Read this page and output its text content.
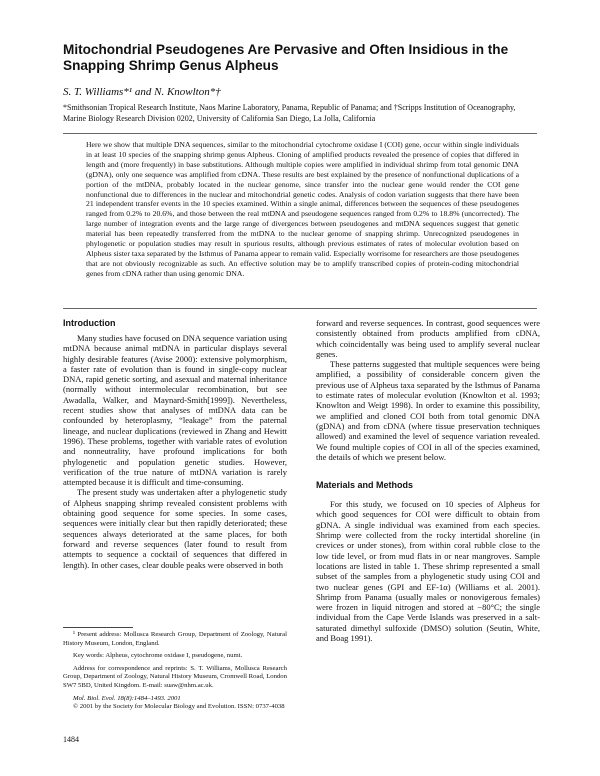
Mitochondrial Pseudogenes Are Pervasive and Often Insidious in the Snapping Shrimp Genus Alpheus

S. T. Williams*¹ and N. Knowlton*†

*Smithsonian Tropical Research Institute, Naos Marine Laboratory, Panama, Republic of Panama; and †Scripps Institution of Oceanography, Marine Biology Research Division 0202, University of California San Diego, La Jolla, California

Here we show that multiple DNA sequences, similar to the mitochondrial cytochrome oxidase I (COI) gene, occur within single individuals in at least 10 species of the snapping shrimp genus Alpheus. Cloning of amplified products revealed the presence of copies that differed in length and (more frequently) in base substitutions. Although multiple copies were amplified in individual shrimp from total genomic DNA (gDNA), only one sequence was amplified from cDNA. These results are best explained by the presence of nonfunctional duplications of a portion of the mtDNA, probably located in the nuclear genome, since transfer into the nuclear gene would render the COI gene nonfunctional due to differences in the nuclear and mitochondrial genetic codes. Analysis of codon variation suggests that there have been 21 independent transfer events in the 10 species examined. Within a single animal, differences between the sequences of these pseudogenes ranged from 0.2% to 20.6%, and those between the real mtDNA and pseudogene sequences ranged from 0.2% to 18.8% (uncorrected). The large number of integration events and the large range of divergences between pseudogenes and mtDNA sequences suggest that genetic material has been repeatedly transferred from the mtDNA to the nuclear genome of snapping shrimp. Unrecognized pseudogenes in phylogenetic or population studies may result in spurious results, although previous estimates of rates of molecular evolution based on Alpheus sister taxa separated by the Isthmus of Panama appear to remain valid. Especially worrisome for researchers are those pseudogenes that are not obviously recognizable as such. An effective solution may be to amplify transcribed copies of protein-coding mitochondrial genes from cDNA rather than using genomic DNA.

Introduction

Many studies have focused on DNA sequence variation using mtDNA because animal mtDNA in particular displays several highly desirable features (Avise 2000): extensive polymorphism, a faster rate of evolution than is found in single-copy nuclear DNA, rapid genetic sorting, and asexual and maternal inheritance (normally without intermolecular recombination, but see Awadalla, Walker, and Maynard-Smith[1999]). Nevertheless, recent studies show that analyses of mtDNA data can be confounded by heteroplasmy, “leakage” from the paternal lineage, and nuclear duplications (reviewed in Zhang and Hewitt 1996). These problems, together with variable rates of evolution and nonneutrality, have profound implications for both phylogenetic and population genetic studies. However, verification of the true nature of mtDNA variation is rarely attempted because it is difficult and time-consuming.

The present study was undertaken after a phylogenetic study of Alpheus snapping shrimp revealed consistent problems with obtaining good sequence for some species. In some cases, sequences were initially clear but then rapidly deteriorated; these sequences always deteriorated at the same places, for both forward and reverse sequences (later found to result from attempts to sequence a cocktail of sequences that differed in length). In other cases, clear double peaks were observed in both

forward and reverse sequences. In contrast, good sequences were consistently obtained from products amplified from cDNA, which coincidentally was being used to amplify several nuclear genes.

These patterns suggested that multiple sequences were being amplified, a possibility of considerable concern given the previous use of Alpheus taxa separated by the Isthmus of Panama to estimate rates of molecular evolution (Knowlton et al. 1993; Knowlton and Weigt 1998). In order to examine this possibility, we amplified and cloned COI both from total genomic DNA (gDNA) and from cDNA (where tissue preservation techniques allowed) and examined the level of sequence variation revealed. We found multiple copies of COI in all of the species examined, the details of which we present below.

Materials and Methods

For this study, we focused on 10 species of Alpheus for which good sequences for COI were difficult to obtain from gDNA. A single individual was examined from each species. Shrimp were collected from the rocky intertidal shoreline (in crevices or under stones), from within coral rubble close to the low tide level, or from mud flats in or near mangroves. Sample locations are listed in table 1. These shrimp represented a small subset of the samples from a phylogenetic study using COI and two nuclear genes (GPI and EF-1α) (Williams et al. 2001). Shrimp from Panama (usually males or nonovigerous females) were frozen in liquid nitrogen and stored at −80°C; the single individual from the Cape Verde Islands was preserved in a salt-saturated dimethyl sulfoxide (DMSO) solution (Seutin, White, and Boag 1991).

¹ Present address: Mollusca Research Group, Department of Zoology, Natural History Museum, London, England.

Key words: Alpheus, cytochrome oxidase I, pseudogene, numt.

Address for correspondence and reprints: S. T. Williams, Mollusca Research Group, Department of Zoology, Natural History Museum, Cromwell Road, London SW7 5BD, United Kingdom. E-mail: suaw@nhm.ac.uk.

Mol. Biol. Evol. 18(8):1484–1493. 2001

© 2001 by the Society for Molecular Biology and Evolution. ISSN: 0737-4038

1484
